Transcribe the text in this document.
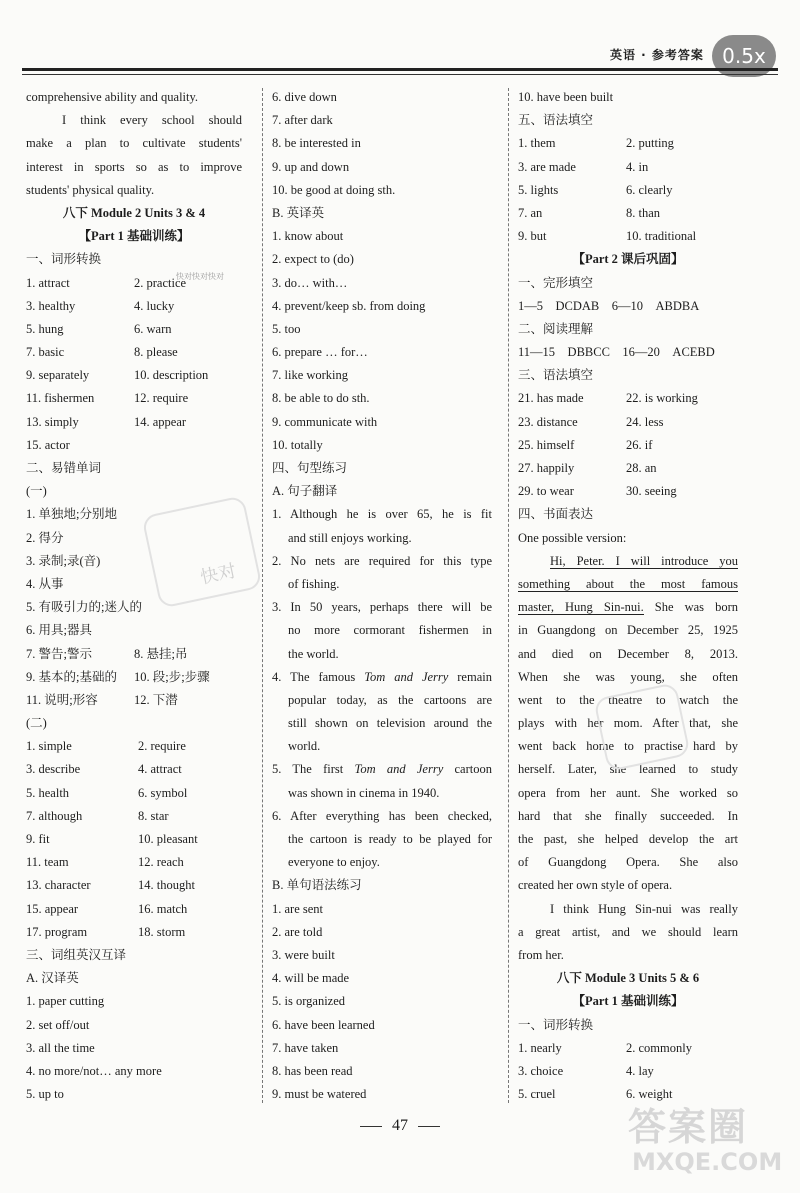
英语 · 参考答案 0.5x
comprehensive ability and quality.
I think every school should
make a plan to cultivate students'
interest in sports so as to improve
students' physical quality.
八下 Module 2 Units 3 & 4
【Part 1 基础训练】
一、词形转换
1. attract	2. practice
3. healthy	4. lucky
5. hung	6. warn
7. basic	8. please
9. separately	10. description
11. fishermen	12. require
13. simply	14. appear
15. actor
二、易错单词
(一)
1. 单独地;分别地
2. 得分
3. 录制;录(音)
4. 从事
5. 有吸引力的;迷人的
6. 用具;器具
7. 警告;警示	8. 悬挂;吊
9. 基本的;基础的 10. 段;步;步骤
11. 说明;形容	12. 下潜
(二)
1. simple	2. require
3. describe	4. attract
5. health	6. symbol
7. although	8. star
9. fit	10. pleasant
11. team	12. reach
13. character	14. thought
15. appear	16. match
17. program	18. storm
三、词组英汉互译
A. 汉译英
1. paper cutting
2. set off/out
3. all the time
4. no more/not… any more
5. up to
6. dive down
7. after dark
8. be interested in
9. up and down
10. be good at doing sth.
B. 英译英
1. know about
2. expect to (do)
3. do… with…
4. prevent/keep sb. from doing
5. too
6. prepare … for…
7. like working
8. be able to do sth.
9. communicate with
10. totally
四、句型练习
A. 句子翻译
1. Although he is over 65, he is fit
and still enjoys working.
2. No nets are required for this type
of fishing.
3. In 50 years, perhaps there will be
no more cormorant fishermen in
the world.
4. The famous Tom and Jerry remain
popular today, as the cartoons are
still shown on television around the
world.
5. The first Tom and Jerry cartoon
was shown in cinema in 1940.
6. After everything has been checked,
the cartoon is ready to be played for
everyone to enjoy.
B. 单句语法练习
1. are sent
2. are told
3. were built
4. will be made
5. is organized
6. have been learned
7. have taken
8. has been read
9. must be watered
10. have been built
五、语法填空
1. them	2. putting
3. are made	4. in
5. lights	6. clearly
7. an	8. than
9. but	10. traditional
【Part 2 课后巩固】
一、完形填空
1—5　DCDAB　6—10　ABDBA
二、阅读理解
11—15　DBBCC　16—20　ACEBD
三、语法填空
21. has made	22. is working
23. distance	24. less
25. himself	26. if
27. happily	28. an
29. to wear	30. seeing
四、书面表达
One possible version:
Hi, Peter. I will introduce you
something about the most famous
master, Hung Sin-nui. She was born
in Guangdong on December 25, 1925
and died on December 8, 2013.
When she was young, she often
went to the theatre to watch the
plays with her mom. After that, she
went back home to practise hard by
herself. Later, she learned to study
opera from her aunt. She worked so
hard that she finally succeeded. In
the past, she helped develop the art
of Guangdong Opera. She also
created her own style of opera.
I think Hung Sin-nui was really
a great artist, and we should learn
from her.
八下 Module 3 Units 5 & 6
【Part 1 基础训练】
一、词形转换
1. nearly	2. commonly
3. choice	4. lay
5. cruel	6. weight
47
快对
快对快对快对
答案圈
MXQE.COM
